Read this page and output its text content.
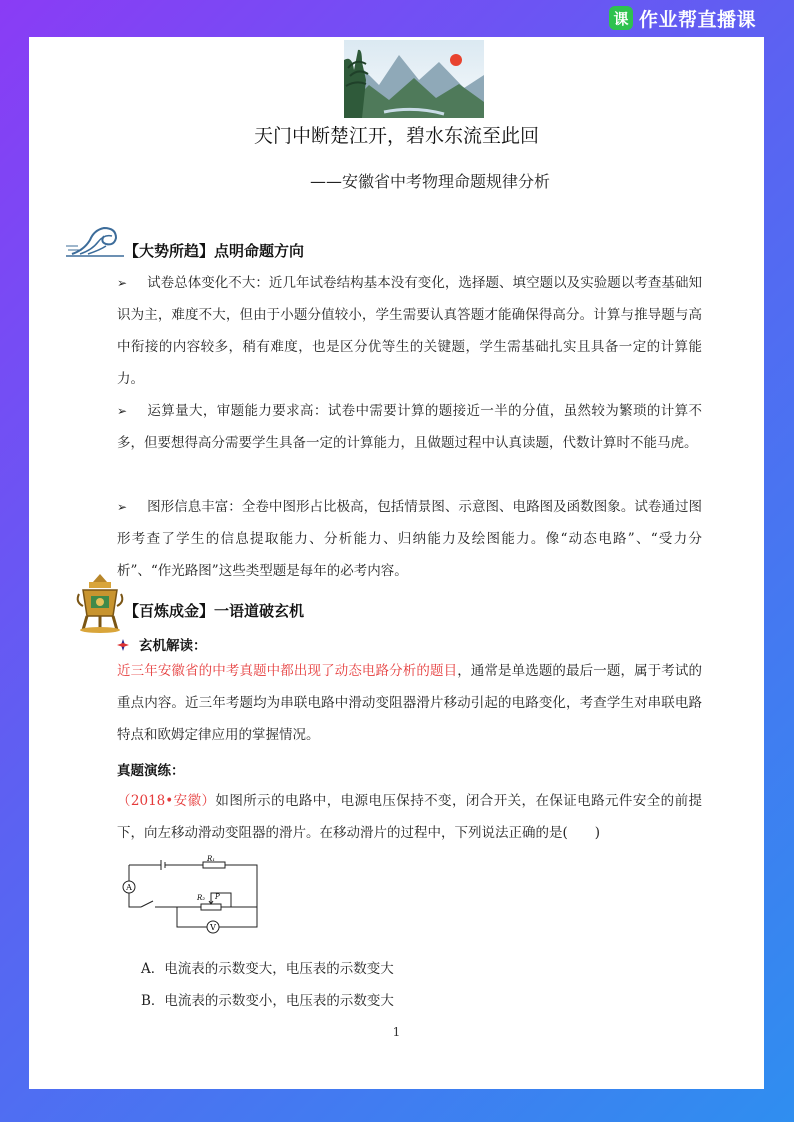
课 作业帮直播课
天门中断楚江开，碧水东流至此回
——安徽省中考物理命题规律分析
【大势所趋】点明命题方向
➢ 试卷总体变化不大：近几年试卷结构基本没有变化，选择题、填空题以及实验题以考查基础知识为主，难度不大，但由于小题分值较小，学生需要认真答题才能确保得高分。计算与推导题与高中衔接的内容较多，稍有难度，也是区分优等生的关键题，学生需基础扎实且具备一定的计算能力。
➢ 运算量大，审题能力要求高：试卷中需要计算的题接近一半的分值，虽然较为繁琐的计算不多，但要想得高分需要学生具备一定的计算能力，且做题过程中认真读题，代数计算时不能马虎。
➢ 图形信息丰富：全卷中图形占比极高，包括情景图、示意图、电路图及函数图象。试卷通过图形考查了学生的信息提取能力、分析能力、归纳能力及绘图能力。像“动态电路”、“受力分析”、“作光路图”这些类型题是每年的必考内容。
【百炼成金】一语道破玄机
玄机解读：
近三年安徽省的中考真题中都出现了动态电路分析的题目，通常是单选题的最后一题，属于考试的重点内容。近三年考题均为串联电路中滑动变阻器滑片移动引起的电路变化，考查学生对串联电路特点和欧姆定律应用的掌握情况。
真题演练：
（2018•安徽）如图所示的电路中，电源电压保持不变，闭合开关，在保证电路元件安全的前提下，向左移动滑动变阻器的滑片。在移动滑片的过程中，下列说法正确的是(　　)
A
V
R₁
R₂ P
A．电流表的示数变大，电压表的示数变大
B．电流表的示数变小，电压表的示数变大
1
